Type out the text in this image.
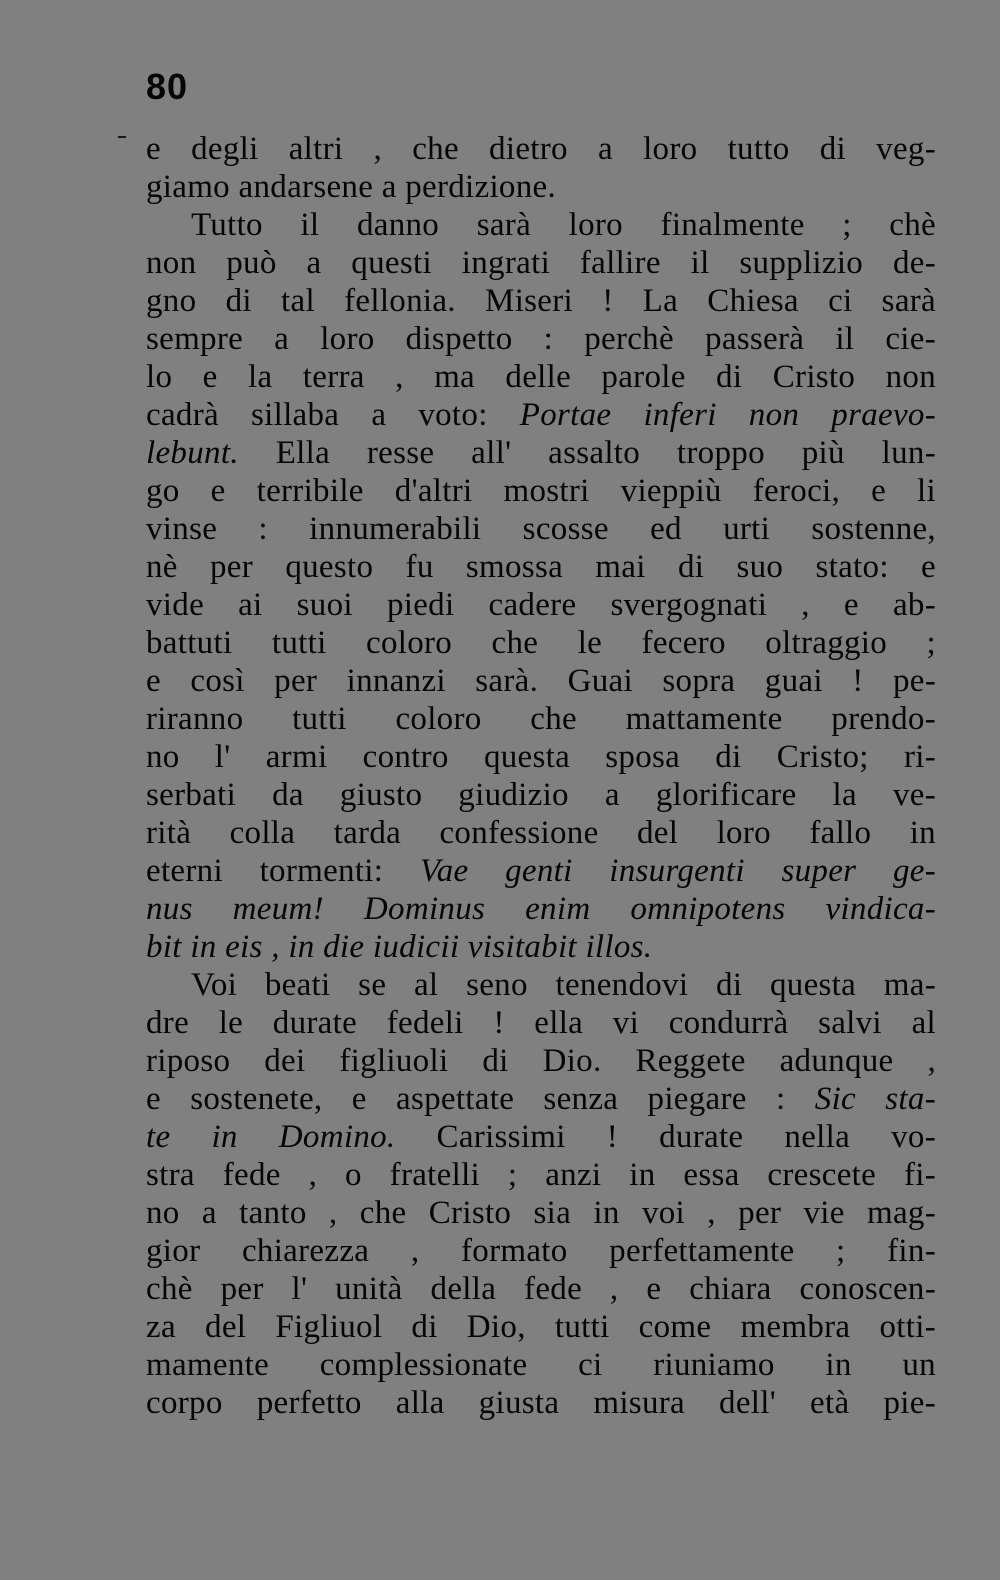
80
e degli altri , che dietro a loro tutto di veg-
giamo andarsene a perdizione.
Tutto il danno sarà loro finalmente ; chè
non può a questi ingrati fallire il supplizio de-
gno di tal fellonia. Miseri ! La Chiesa ci sarà
sempre a loro dispetto : perchè passerà il cie-
lo e la terra , ma delle parole di Cristo non
cadrà sillaba a voto: Portae inferi non praevo-
lebunt. Ella resse all' assalto troppo più lun-
go e terribile d'altri mostri vieppiù feroci, e li
vinse : innumerabili scosse ed urti sostenne,
nè per questo fu smossa mai di suo stato: e
vide ai suoi piedi cadere svergognati , e ab-
battuti tutti coloro che le fecero oltraggio ;
e così per innanzi sarà. Guai sopra guai ! pe-
riranno tutti coloro che mattamente prendo-
no l' armi contro questa sposa di Cristo; ri-
serbati da giusto giudizio a glorificare la ve-
rità colla tarda confessione del loro fallo in
eterni tormenti: Vae genti insurgenti super ge-
nus meum! Dominus enim omnipotens vindica-
bit in eis , in die iudicii visitabit illos.
Voi beati se al seno tenendovi di questa ma-
dre le durate fedeli ! ella vi condurrà salvi al
riposo dei figliuoli di Dio. Reggete adunque ,
e sostenete, e aspettate senza piegare : Sic sta-
te in Domino. Carissimi ! durate nella vo-
stra fede , o fratelli ; anzi in essa crescete fi-
no a tanto , che Cristo sia in voi , per vie mag-
gior chiarezza , formato perfettamente ; fin-
chè per l' unità della fede , e chiara conoscen-
za del Figliuol di Dio, tutti come membra otti-
mamente complessionate ci riuniamo in un
corpo perfetto alla giusta misura dell' età pie-
